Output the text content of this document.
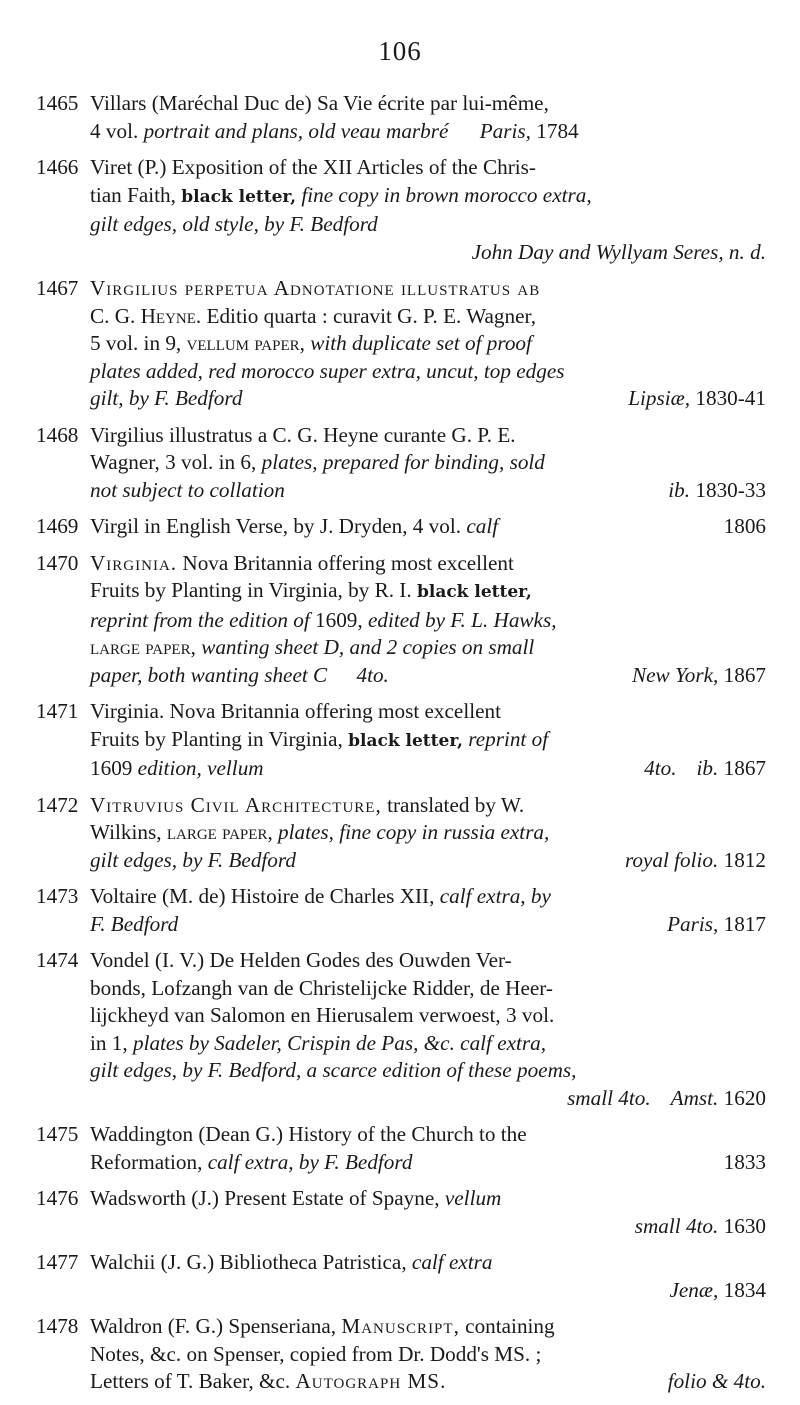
106
1465 Villars (Maréchal Duc de) Sa Vie écrite par lui-même,
4 vol. portrait and plans, old veau marbré Paris, 1784
1466 Viret (P.) Exposition of the XII Articles of the Chris-
tian Faith, black letter, fine copy in brown morocco extra,
gilt edges, old style, by F. Bedford
John Day and Wyllyam Seres, n. d.
1467 Virgilius perpetua Adnotatione illustratus ab
C. G. Heyne. Editio quarta : curavit G. P. E. Wagner,
5 vol. in 9, vellum paper, with duplicate set of proof
plates added, red morocco super extra, uncut, top edges
gilt, by F. Bedford	Lipsiæ, 1830-41
1468 Virgilius illustratus a C. G. Heyne curante G. P. E.
Wagner, 3 vol. in 6, plates, prepared for binding, sold
not subject to collation	ib. 1830-33
1469 Virgil in English Verse, by J. Dryden, 4 vol. calf	1806
1470 Virginia. Nova Britannia offering most excellent
Fruits by Planting in Virginia, by R. I. black letter,
reprint from the edition of 1609, edited by F. L. Hawks,
large paper, wanting sheet D, and 2 copies on small
paper, both wanting sheet C 4to.	New York, 1867
1471 Virginia. Nova Britannia offering most excellent
Fruits by Planting in Virginia, black letter, reprint of
1609 edition, vellum	4to. ib. 1867
1472 Vitruvius Civil Architecture, translated by W.
Wilkins, large paper, plates, fine copy in russia extra,
gilt edges, by F. Bedford	royal folio. 1812
1473 Voltaire (M. de) Histoire de Charles XII, calf extra, by
F. Bedford	Paris, 1817
1474 Vondel (I. V.) De Helden Godes des Ouwden Ver-
bonds, Lofzangh van de Christelijcke Ridder, de Heer-
lijckheyd van Salomon en Hierusalem verwoest, 3 vol.
in 1, plates by Sadeler, Crispin de Pas, &c. calf extra,
gilt edges, by F. Bedford, a scarce edition of these poems,
small 4to. Amst. 1620
1475 Waddington (Dean G.) History of the Church to the
Reformation, calf extra, by F. Bedford	1833
1476 Wadsworth (J.) Present Estate of Spayne, vellum
small 4to. 1630
1477 Walchii (J. G.) Bibliotheca Patristica, calf extra
Jenæ, 1834
1478 Waldron (F. G.) Spenseriana, Manuscript, containing
Notes, &c. on Spenser, copied from Dr. Dodd's MS. ;
Letters of T. Baker, &c. Autograph MS.	folio & 4to.
